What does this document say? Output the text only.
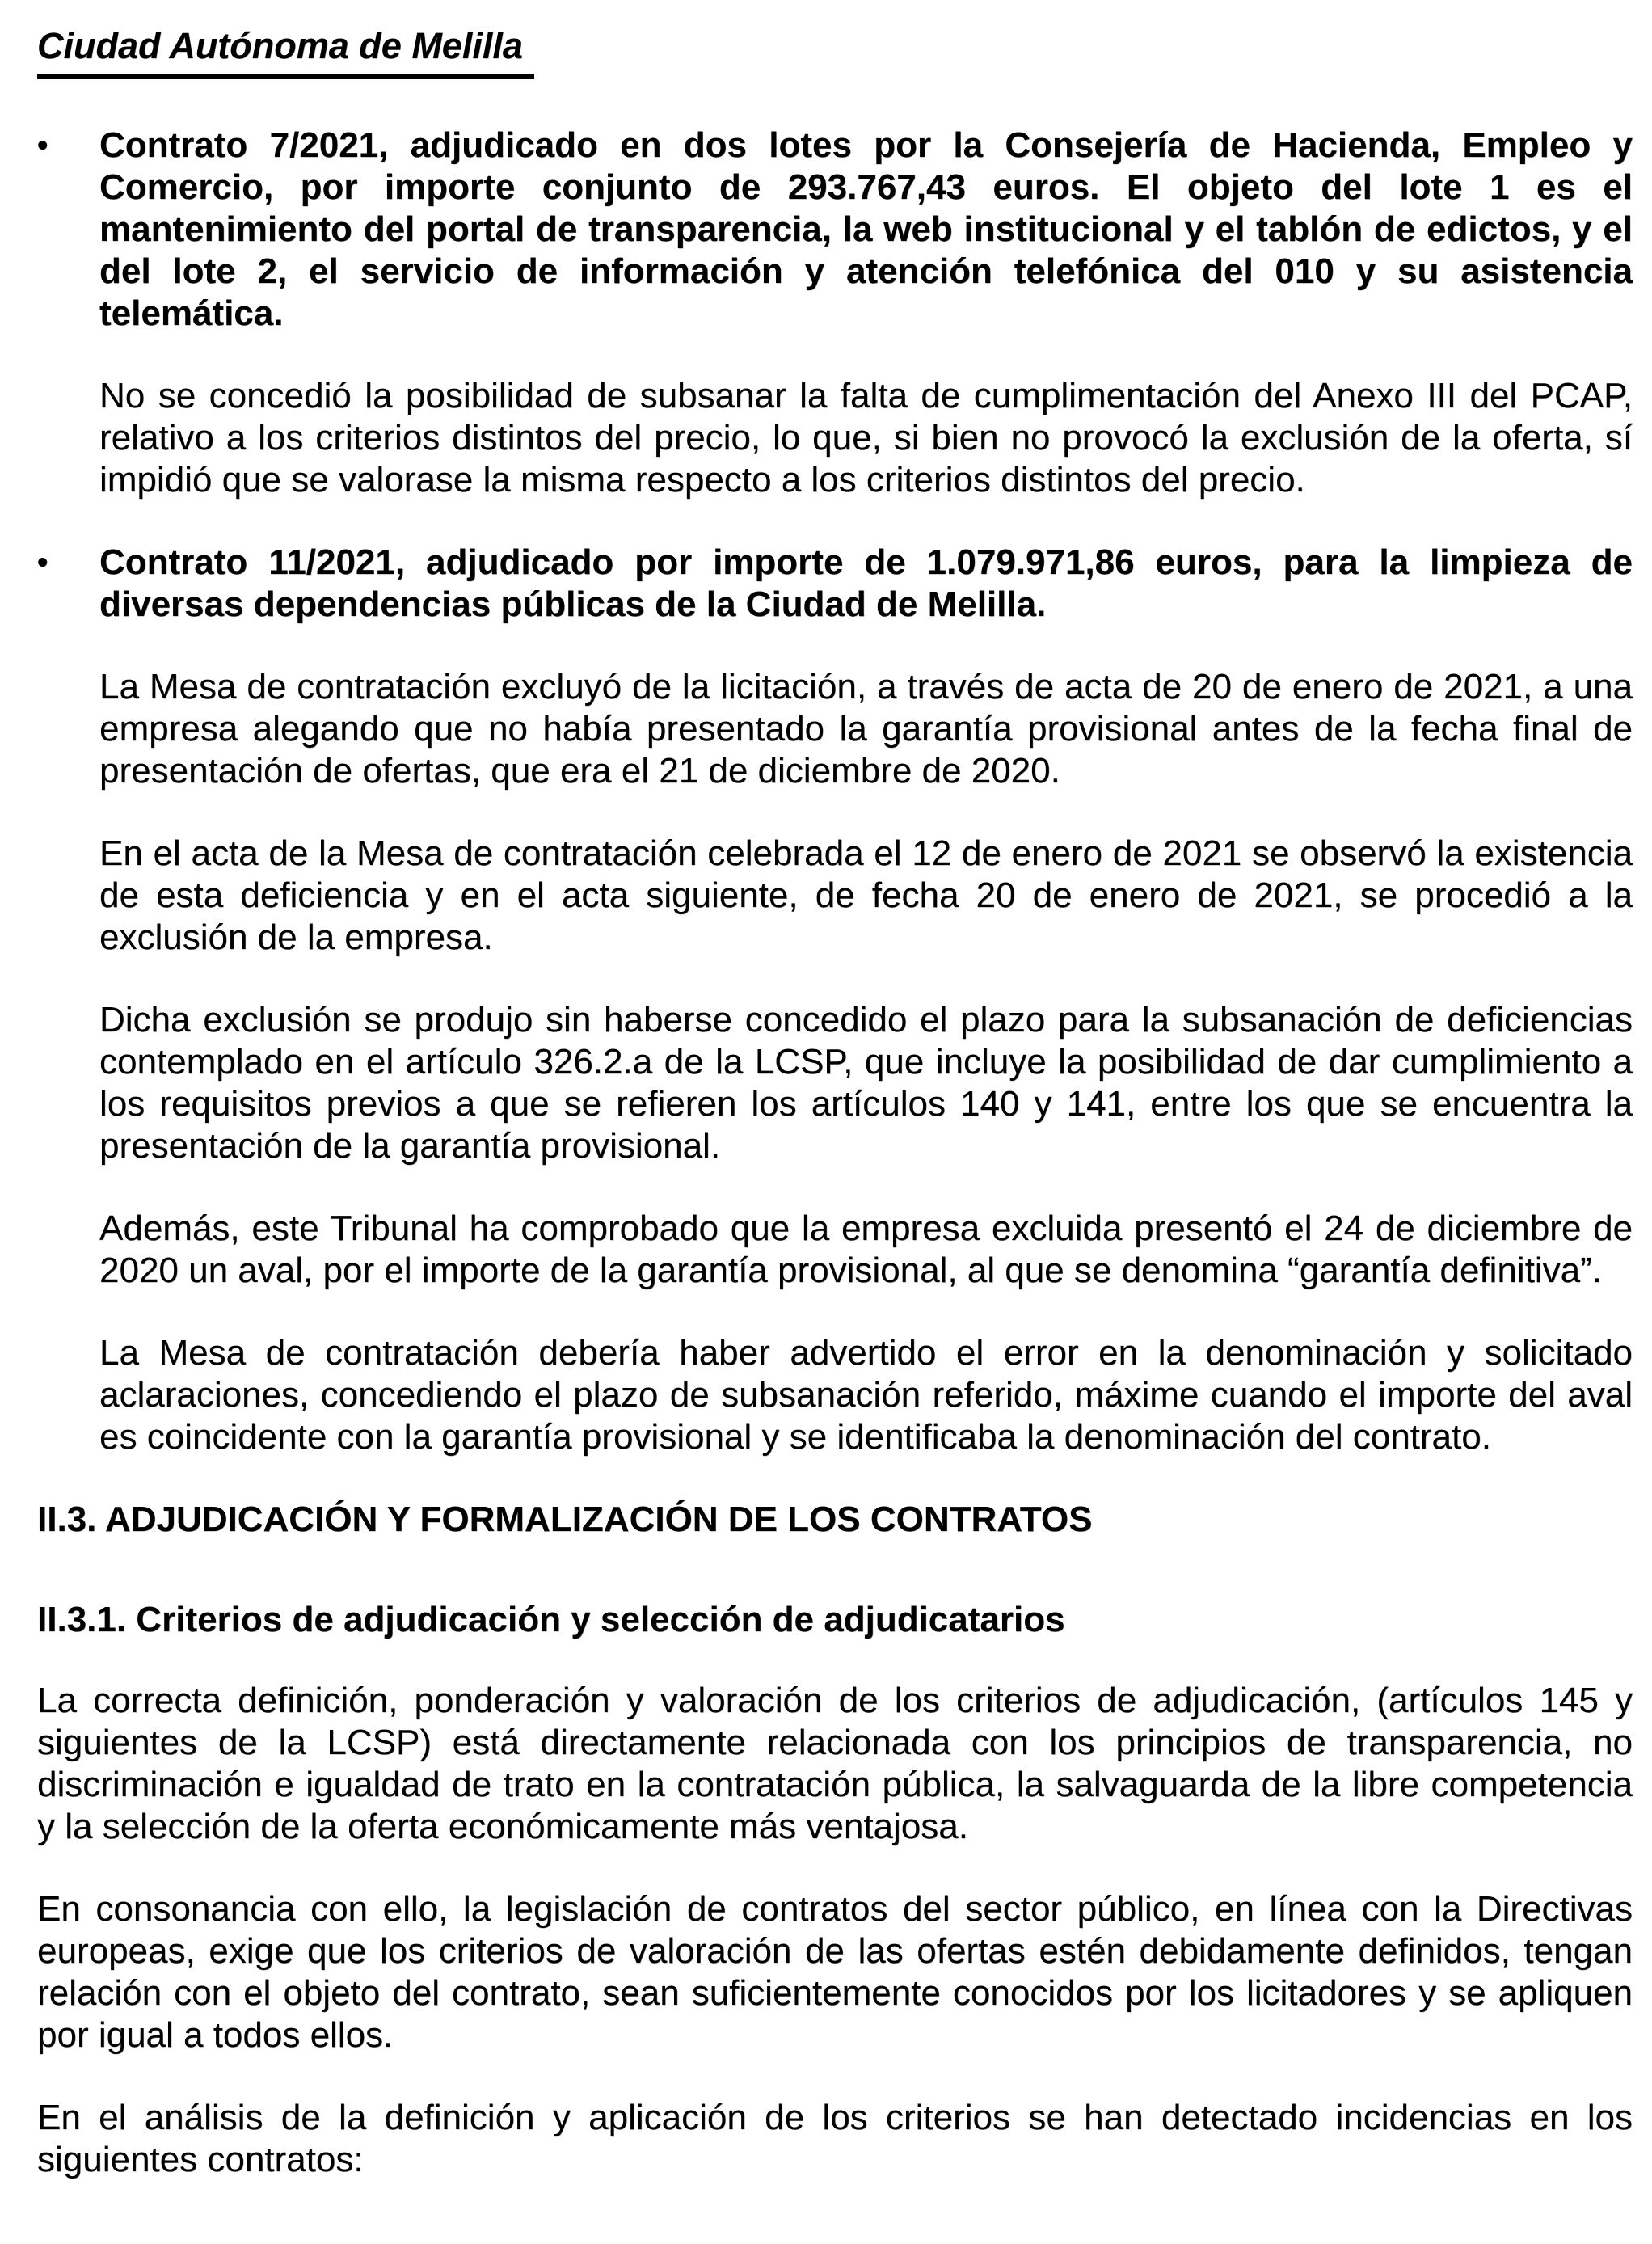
Ciudad Autónoma de Melilla
•	Contrato 7/2021, adjudicado en dos lotes por la Consejería de Hacienda, Empleo y Comercio, por importe conjunto de 293.767,43 euros. El objeto del lote 1 es el mantenimiento del portal de transparencia, la web institucional y el tablón de edictos, y el del lote 2, el servicio de información y atención telefónica del 010 y su asistencia telemática.

No se concedió la posibilidad de subsanar la falta de cumplimentación del Anexo III del PCAP, relativo a los criterios distintos del precio, lo que, si bien no provocó la exclusión de la oferta, sí impidió que se valorase la misma respecto a los criterios distintos del precio.

•	Contrato 11/2021, adjudicado por importe de 1.079.971,86 euros, para la limpieza de diversas dependencias públicas de la Ciudad de Melilla.

La Mesa de contratación excluyó de la licitación, a través de acta de 20 de enero de 2021, a una empresa alegando que no había presentado la garantía provisional antes de la fecha final de presentación de ofertas, que era el 21 de diciembre de 2020.

En el acta de la Mesa de contratación celebrada el 12 de enero de 2021 se observó la existencia de esta deficiencia y en el acta siguiente, de fecha 20 de enero de 2021, se procedió a la exclusión de la empresa.

Dicha exclusión se produjo sin haberse concedido el plazo para la subsanación de deficiencias contemplado en el artículo 326.2.a de la LCSP, que incluye la posibilidad de dar cumplimiento a los requisitos previos a que se refieren los artículos 140 y 141, entre los que se encuentra la presentación de la garantía provisional.

Además, este Tribunal ha comprobado que la empresa excluida presentó el 24 de diciembre de 2020 un aval, por el importe de la garantía provisional, al que se denomina “garantía definitiva”.

La Mesa de contratación debería haber advertido el error en la denominación y solicitado aclaraciones, concediendo el plazo de subsanación referido, máxime cuando el importe del aval es coincidente con la garantía provisional y se identificaba la denominación del contrato.

II.3. ADJUDICACIÓN Y FORMALIZACIÓN DE LOS CONTRATOS
II.3.1. Criterios de adjudicación y selección de adjudicatarios

La correcta definición, ponderación y valoración de los criterios de adjudicación, (artículos 145 y siguientes de la LCSP) está directamente relacionada con los principios de transparencia, no discriminación e igualdad de trato en la contratación pública, la salvaguarda de la libre competencia y la selección de la oferta económicamente más ventajosa.

En consonancia con ello, la legislación de contratos del sector público, en línea con la Directivas europeas, exige que los criterios de valoración de las ofertas estén debidamente definidos, tengan relación con el objeto del contrato, sean suficientemente conocidos por los licitadores y se apliquen por igual a todos ellos.

En el análisis de la definición y aplicación de los criterios se han detectado incidencias en los siguientes contratos:
